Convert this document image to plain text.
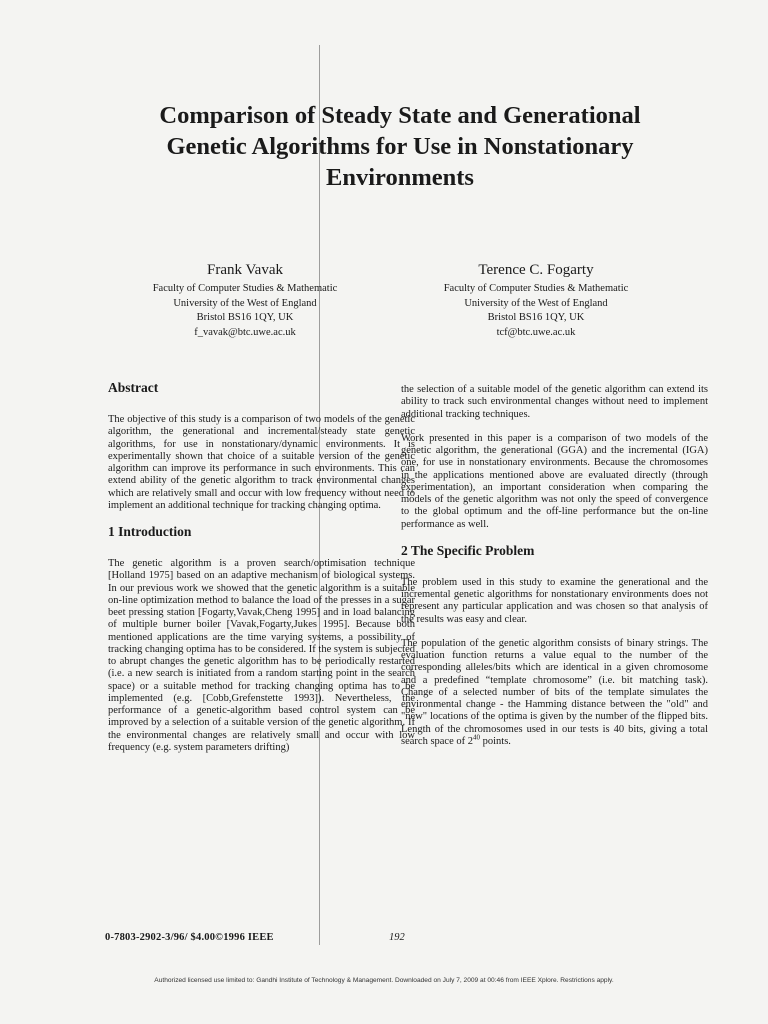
Comparison of Steady State and Generational
Genetic Algorithms for Use in Nonstationary
Environments
Frank Vavak
Faculty of Computer Studies & Mathematic
University of the West of England
Bristol BS16 1QY, UK
f_vavak@btc.uwe.ac.uk
Terence C. Fogarty
Faculty of Computer Studies & Mathematic
University of the West of England
Bristol BS16 1QY, UK
tcf@btc.uwe.ac.uk
Abstract

The objective of this study is a comparison of two models of the genetic algorithm, the generational and incremental/steady state genetic algorithms, for use in nonstationary/dynamic environments. It is experimentally shown that choice of a suitable version of the genetic algorithm can improve its performance in such environments. This can extend ability of the genetic algorithm to track environmental changes which are relatively small and occur with low frequency without need to implement an additional technique for tracking changing optima.

1 Introduction

The genetic algorithm is a proven search/optimisation technique [Holland 1975] based on an adaptive mechanism of biological systems. In our previous work we showed that the genetic algorithm is a suitable on-line optimization method to balance the load of the presses in a sugar beet pressing station [Fogarty,Vavak,Cheng 1995] and in load balancing of multiple burner boiler [Vavak,Fogarty,Jukes 1995]. Because both mentioned applications are the time varying systems, a possibility of tracking changing optima has to be considered. If the system is subjected to abrupt changes the genetic algorithm has to be periodically restarted (i.e. a new search is initiated from a random starting point in the search space) or a suitable method for tracking changing optima has to be implemented (e.g. [Cobb,Grefenstette 1993]). Nevertheless, the performance of a genetic-algorithm based control system can be improved by a selection of a suitable version of the genetic algorithm. If the environmental changes are relatively small and occur with low frequency (e.g. system parameters drifting)

the selection of a suitable model of the genetic algorithm can extend its ability to track such environmental changes without need to implement additional tracking techniques.

Work presented in this paper is a comparison of two models of the genetic algorithm, the generational (GGA) and the incremental (IGA) one, for use in nonstationary environments. Because the chromosomes in the applications mentioned above are evaluated directly (through experimentation), an important consideration when comparing the models of the genetic algorithm was not only the speed of convergence to the global optimum and the off-line performance but the on-line performance as well.

2 The Specific Problem

The problem used in this study to examine the generational and the incremental genetic algorithms for nonstationary environments does not represent any particular application and was chosen so that analysis of the results was easy and clear.

The population of the genetic algorithm consists of binary strings. The evaluation function returns a value equal to the number of the corresponding alleles/bits which are identical in a given chromosome and a predefined “template chromosome” (i.e. bit matching task). Change of a selected number of bits of the template simulates the environmental change - the Hamming distance between the "old" and "new" locations of the optima is given by the number of the flipped bits. Length of the chromosomes used in our tests is 40 bits, giving a total search space of $2^{40}$ points.

0-7803-2902-3/96/ $4.00©1996 IEEE	192
Authorized licensed use limited to: Gandhi Institute of Technology & Management. Downloaded on July 7, 2009 at 00:46 from IEEE Xplore. Restrictions apply.
